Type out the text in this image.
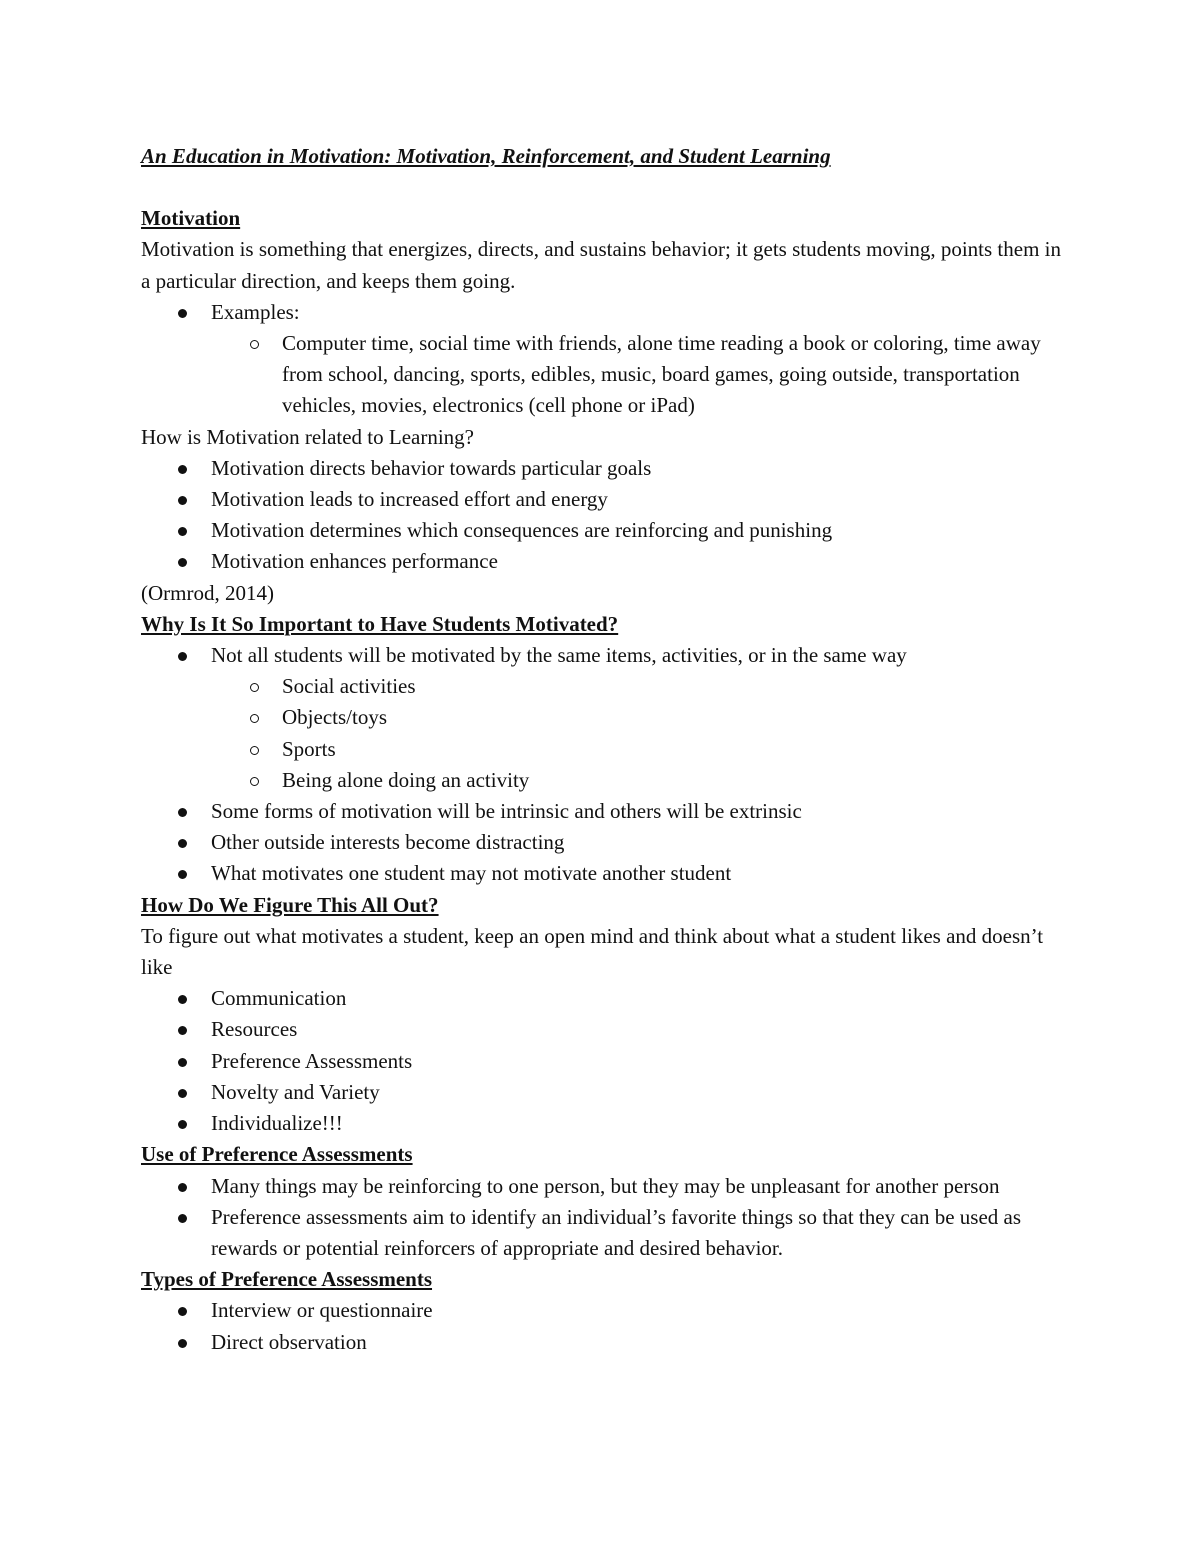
An Education in Motivation: Motivation, Reinforcement, and Student Learning
Motivation

Motivation is something that energizes, directs, and sustains behavior; it gets students moving, points them in a particular direction, and keeps them going.

Examples:
Computer time, social time with friends, alone time reading a book or coloring, time away from school, dancing, sports, edibles, music, board games, going outside, transportation vehicles, movies, electronics (cell phone or iPad)

How is Motivation related to Learning?

Motivation directs behavior towards particular goals
Motivation leads to increased effort and energy
Motivation determines which consequences are reinforcing and punishing
Motivation enhances performance

(Ormrod, 2014)

Why Is It So Important to Have Students Motivated?
Not all students will be motivated by the same items, activities, or in the same way
Social activities
Objects/toys
Sports
Being alone doing an activity
Some forms of motivation will be intrinsic and others will be extrinsic
Other outside interests become distracting
What motivates one student may not motivate another student
How Do We Figure This All Out?

To figure out what motivates a student, keep an open mind and think about what a student likes and doesn’t like

Communication
Resources
Preference Assessments
Novelty and Variety
Individualize!!!
Use of Preference Assessments
Many things may be reinforcing to one person, but they may be unpleasant for another person
Preference assessments aim to identify an individual’s favorite things so that they can be used as rewards or potential reinforcers of appropriate and desired behavior.
Types of Preference Assessments
Interview or questionnaire
Direct observation
